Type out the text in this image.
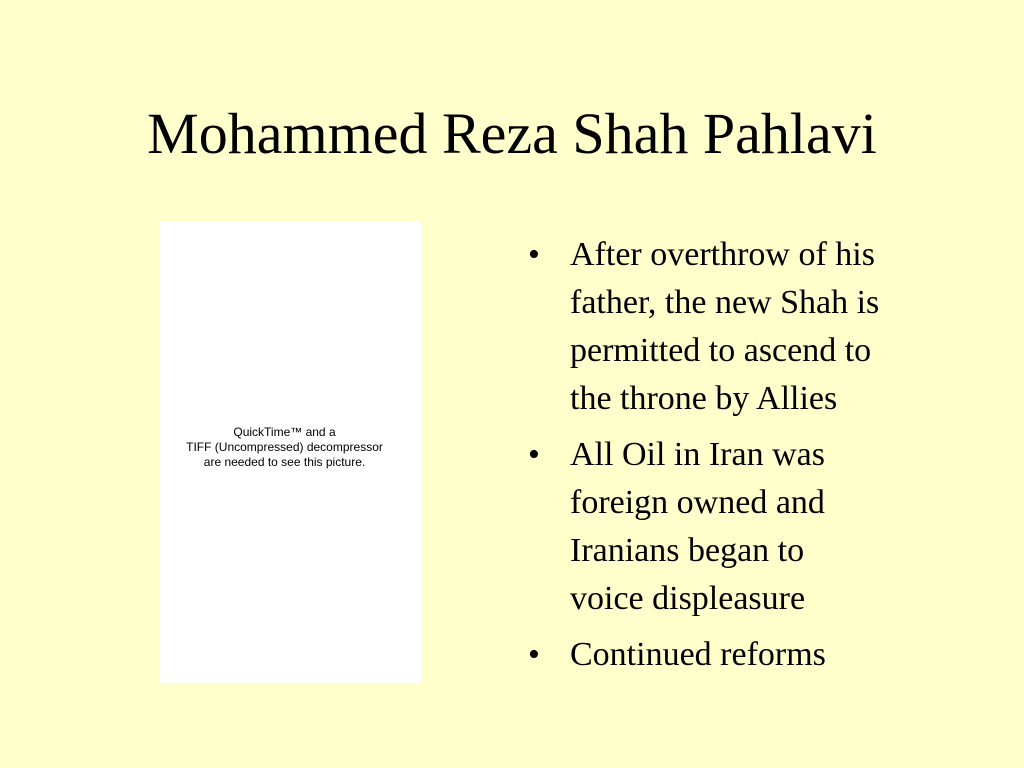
Mohammed Reza Shah Pahlavi
QuickTime™ and a
TIFF (Uncompressed) decompressor
are needed to see this picture.
• After overthrow of his
father, the new Shah is
permitted to ascend to
the throne by Allies
• All Oil in Iran was
foreign owned and
Iranians began to
voice displeasure
• Continued reforms
